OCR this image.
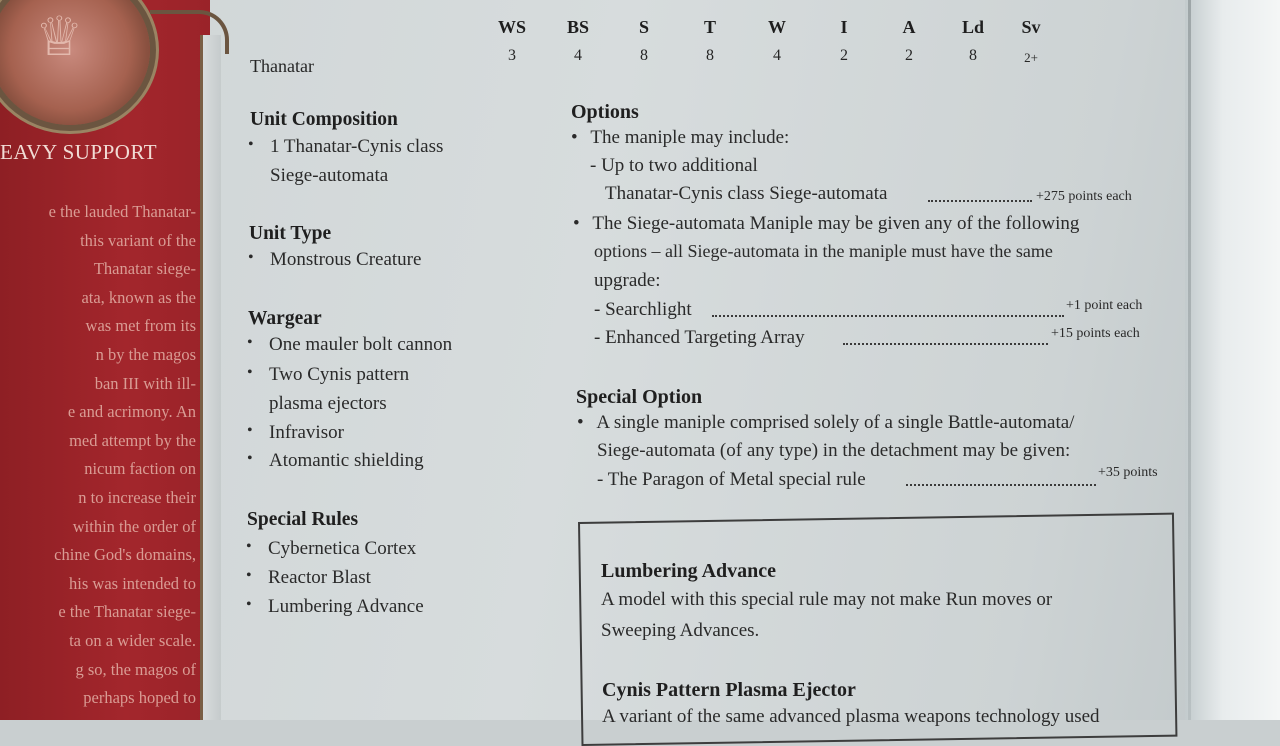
♕
EAVY SUPPORT
e the lauded Thanatar-
this variant of the
Thanatar siege-
ata, known as the
was met from its
n by the magos
ban III with ill-
e and acrimony. An
med attempt by the
nicum faction on
n to increase their
within the order of
chine God's domains,
his was intended to
e the Thanatar siege-
ta on a wider scale.
g so, the magos of
perhaps hoped to
WS	BS	S	T	W	I	A	Ld	Sv
Thanatar
3	4	8	8	4	2	2	8	2+
Unit Composition
• 1 Thanatar-Cynis class
Siege-automata
Unit Type
• Monstrous Creature
Wargear
• One mauler bolt cannon
• Two Cynis pattern
plasma ejectors
• Infravisor
• Atomantic shielding
Special Rules
• Cybernetica Cortex
• Reactor Blast
• Lumbering Advance
Options
• The maniple may include:
- Up to two additional
Thanatar-Cynis class Siege-automata	+275 points each
• The Siege-automata Maniple may be given any of the following
options – all Siege-automata in the maniple must have the same
upgrade:
- Searchlight	+1 point each
- Enhanced Targeting Array	+15 points each
Special Option
• A single maniple comprised solely of a single Battle-automata/
Siege-automata (of any type) in the detachment may be given:
- The Paragon of Metal special rule	+35 points
Lumbering Advance
A model with this special rule may not make Run moves or
Sweeping Advances.
Cynis Pattern Plasma Ejector
A variant of the same advanced plasma weapons technology used
